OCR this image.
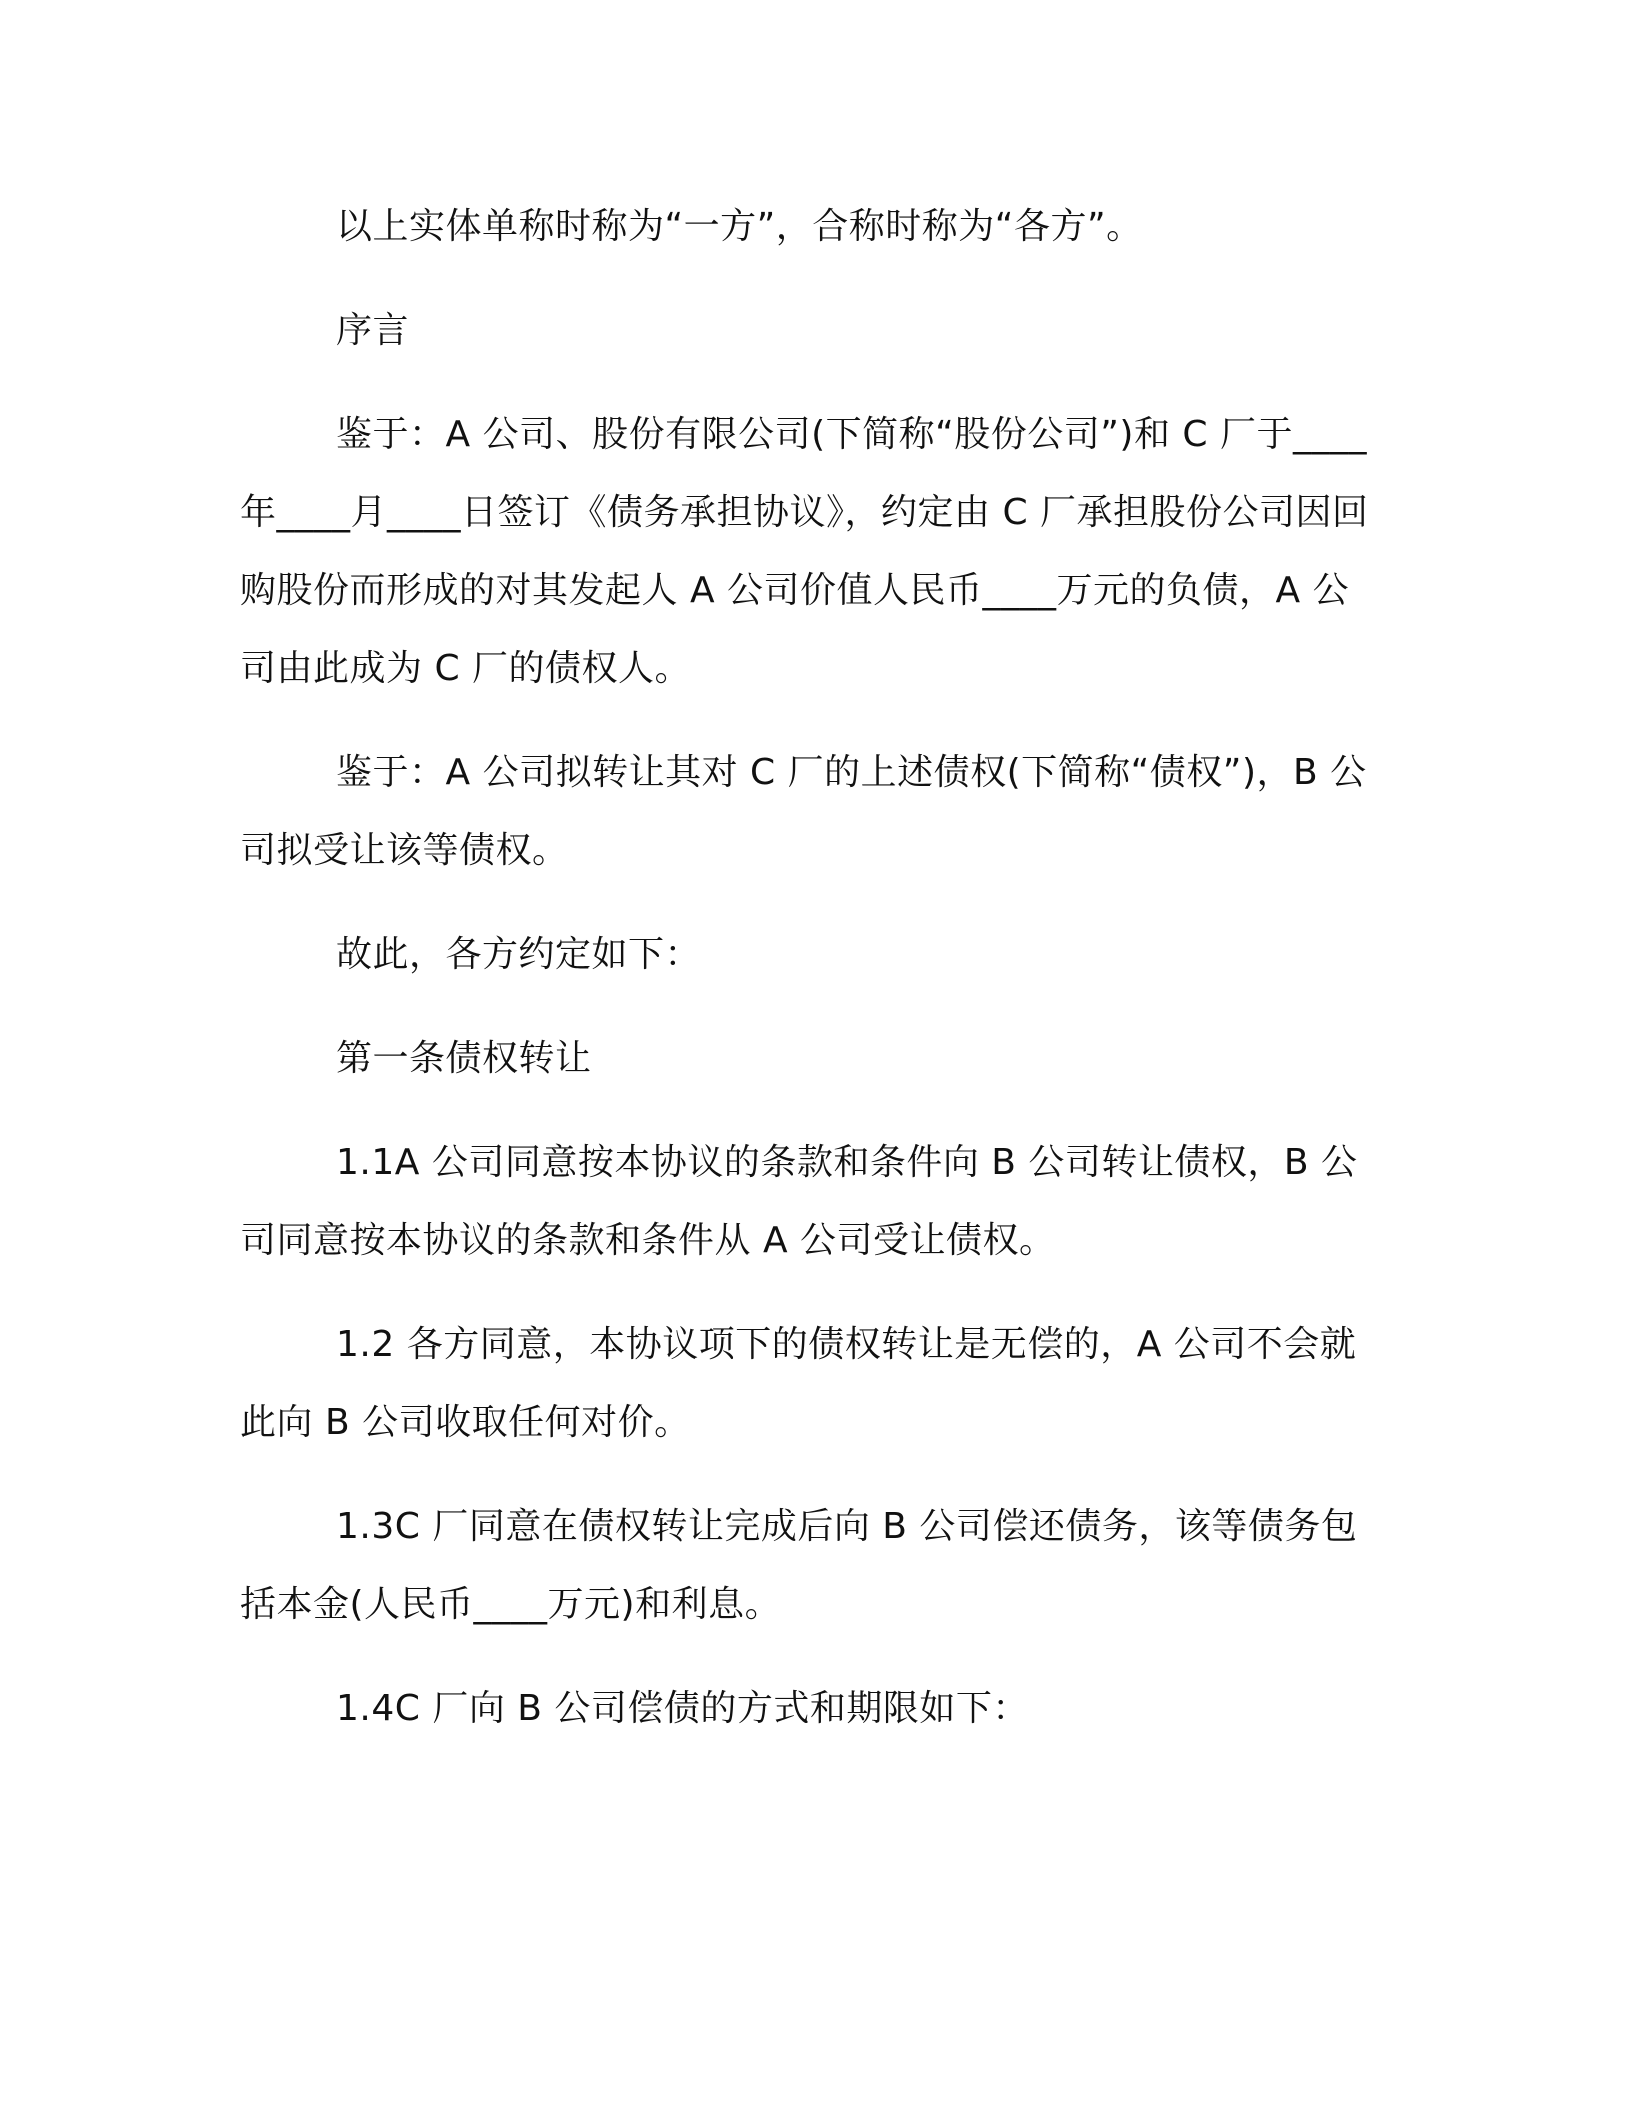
以上实体单称时称为“一方”，合称时称为“各方”。

序言

鉴于：A 公司、股份有限公司(下简称“股份公司”)和 C 厂于____年____月____日签订《债务承担协议》，约定由 C 厂承担股份公司因回购股份而形成的对其发起人 A 公司价值人民币____万元的负债，A 公司由此成为 C 厂的债权人。

鉴于：A 公司拟转让其对 C 厂的上述债权(下简称“债权”)，B 公司拟受让该等债权。

故此，各方约定如下：

第一条债权转让

1.1A 公司同意按本协议的条款和条件向 B 公司转让债权，B 公司同意按本协议的条款和条件从 A 公司受让债权。

1.2 各方同意，本协议项下的债权转让是无偿的，A 公司不会就此向 B 公司收取任何对价。

1.3C 厂同意在债权转让完成后向 B 公司偿还债务，该等债务包括本金(人民币____万元)和利息。

1.4C 厂向 B 公司偿债的方式和期限如下：
